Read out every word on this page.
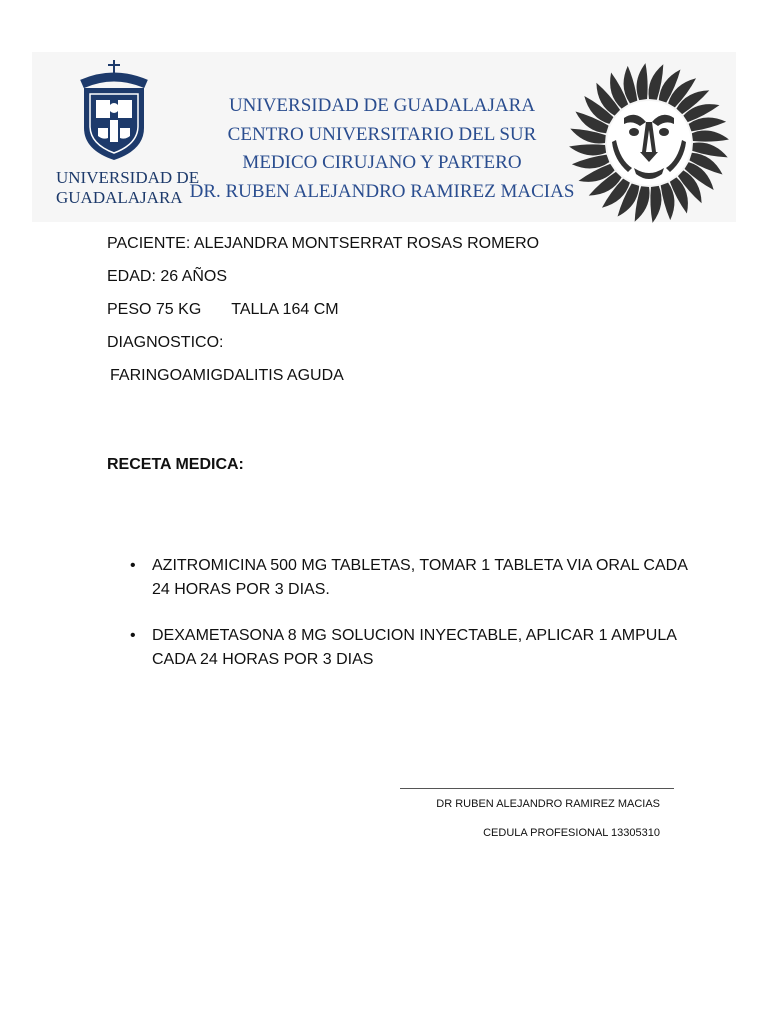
UNIVERSIDAD DE
GUADALAJARA
UNIVERSIDAD DE GUADALAJARA
CENTRO UNIVERSITARIO DEL SUR
MEDICO CIRUJANO Y PARTERO
DR. RUBEN ALEJANDRO RAMIREZ MACIAS
PACIENTE: ALEJANDRA MONTSERRAT ROSAS ROMERO
EDAD: 26 AÑOS
PESO 75 KG TALLA 164 CM
DIAGNOSTICO:
FARINGOAMIGDALITIS AGUDA
RECETA MEDICA:
• AZITROMICINA 500 MG TABLETAS, TOMAR 1 TABLETA VIA ORAL CADA 24 HORAS POR 3 DIAS.
• DEXAMETASONA 8 MG SOLUCION INYECTABLE, APLICAR 1 AMPULA CADA 24 HORAS POR 3 DIAS
DR RUBEN ALEJANDRO RAMIREZ MACIAS
CEDULA PROFESIONAL 13305310
